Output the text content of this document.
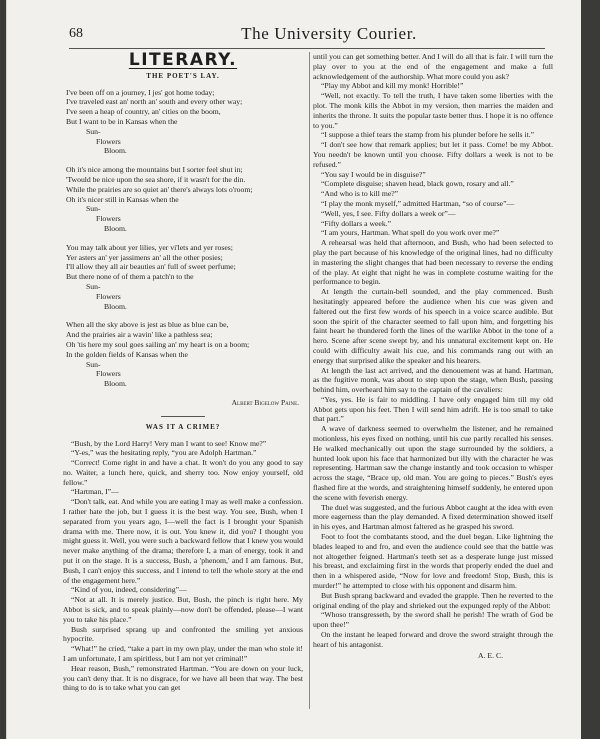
68	The University Courier.
LITERARY.
THE POET'S LAY.
I've been off on a journey, I jes' got home today;
I've traveled east an' north an' south and every other way;
I've seen a heap of country, an' cities on the boom,
But I want to be in Kansas when the
Sun-
Flowers
Bloom.
Oh it's nice among the mountains but I sorter feel shut in;
'Twould be nice upon the sea shore, if it wasn't for the din.
While the prairies are so quiet an' there's always lots o'room;
Oh it's nicer still in Kansas when the
Sun-
Flowers
Bloom.
You may talk about yer lilies, yer vi'lets and yer roses;
Yer asters an' yer jassimens an' all the other posies;
I'll allow they all air beauties an' full of sweet perfume;
But there none of of them a patch'n to the
Sun-
Flowers
Bloom.
When all the sky above is jest as blue as blue can be,
And the prairies air a wavin' like a pathless sea;
Oh 'tis here my soul goes sailing an' my heart is on a boom;
In the golden fields of Kansas when the
Sun-
Flowers
Bloom.
Albert Bigelow Paine.
WAS IT A CRIME?

“Bush, by the Lord Harry! Very man I want to see! Know me?”

“Y-es,” was the hesitating reply, “you are Adolph Hartman.”

“Correct! Come right in and have a chat. It won't do you any good to say no. Waiter, a lunch here, quick, and sherry too. Now enjoy yourself, old fellow.”

“Hartman, I”—

“Don't talk, eat. And while you are eating I may as well make a confession. I rather hate the job, but I guess it is the best way. You see, Bush, when I separated from you years ago, I—well the fact is I brought your Spanish drama with me. There now, it is out. You knew it, did you? I thought you might guess it. Well, you were such a backward fellow that I knew you would never make anything of the drama; therefore I, a man of energy, took it and put it on the stage. It is a success, Bush, a 'phenom,' and I am famous. But, Bush, I can't enjoy this success, and I intend to tell the whole story at the end of the engagement here.”

“Kind of you, indeed, considering”—

“Not at all. It is merely justice. But, Bush, the pinch is right here. My Abbot is sick, and to speak plainly—now don't be offended, please—I want you to take his place.”

Bush surprised sprang up and confronted the smiling yet anxious hypocrite.

“What!” he cried, “take a part in my own play, under the man who stole it! I am unfortunate, I am spiritless, but I am not yet criminal!”

Hear reason, Bush,” remonstrated Hartman. “You are down on your luck, you can't deny that. It is no disgrace, for we have all been that way. The best thing to do is to take what you can get

until you can get something better. And I will do all that is fair. I will turn the play over to you at the end of the engagement and make a full acknowledgement of the authorship. What more could you ask?

“Play my Abbot and kill my monk! Horrible!”

“Well, not exactly. To tell the truth, I have taken some liberties with the plot. The monk kills the Abbot in my version, then marries the maiden and inherits the throne. It suits the popular taste better thus. I hope it is no offence to you.”

“I suppose a thief tears the stamp from his plunder before he sells it.”

“I don't see how that remark applies; but let it pass. Come! be my Abbot. You needn't be known until you choose. Fifty dollars a week is not to be refused.”

“You say I would be in disguise?”

“Complete disguise; shaven head, black gown, rosary and all.”

“And who is to kill me?”

“I play the monk myself,” admitted Hartman, “so of course”—

“Well, yes, I see. Fifty dollars a week or”—

“Fifty dollars a week.”

“I am yours, Hartman. What spell do you work over me?”

A rehearsal was held that afternoon, and Bush, who had been selected to play the part because of his knowledge of the original lines, had no difficulty in mastering the slight changes that had been necessary to reverse the ending of the play. At eight that night he was in complete costume waiting for the performance to begin.

At length the curtain-bell sounded, and the play commenced. Bush hesitatingly appeared before the audience when his cue was given and faltered out the first few words of his speech in a voice scarce audible. But soon the spirit of the character seemed to fall upon him, and forgetting his faint heart he thundered forth the lines of the warlike Abbot in the tone of a hero. Scene after scene swept by, and his unnatural excitement kept on. He could with difficulty await his cue, and his commands rang out with an energy that surprised alike the speaker and his hearers.

At length the last act arrived, and the denouement was at hand. Hartman, as the fugitive monk, was about to step upon the stage, when Bush, passing behind him, overheard him say to the captain of the cavaliers:

“Yes, yes. He is fair to middling. I have only engaged him till my old Abbot gets upon his feet. Then I will send him adrift. He is too small to take that part.”

A wave of darkness seemed to overwhelm the listener, and he remained motionless, his eyes fixed on nothing, until his cue partly recalled his senses. He walked mechanically out upon the stage surrounded by the soldiers, a hunted look upon his face that harmonized but illy with the character he was representing. Hartman saw the change instantly and took occasion to whisper across the stage, “Brace up, old man. You are going to pieces.” Bush's eyes flashed fire at the words, and straightening himself suddenly, he entered upon the scene with feverish energy.

The duel was suggested, and the furious Abbot caught at the idea with even more eagerness than the play demanded. A fixed determination showed itself in his eyes, and Hartman almost faltered as he grasped his sword.

Foot to foot the combatants stood, and the duel began. Like lightning the blades leaped to and fro, and even the audience could see that the battle was not altogether feigned. Hartman's teeth set as a desperate lunge just missed his breast, and exclaiming first in the words that properly ended the duel and then in a whispered aside, “Now for love and freedom! Stop, Bush, this is murder!” he attempted to close with his opponent and disarm him.

But Bush sprang backward and evaded the grapple. Then he reverted to the original ending of the play and shrieked out the expunged reply of the Abbot:

“Whoso transgresseth, by the sword shall he perish! The wrath of God be upon thee!”

On the instant he leaped forward and drove the sword straight through the heart of his antagonist.

A. E. C.
